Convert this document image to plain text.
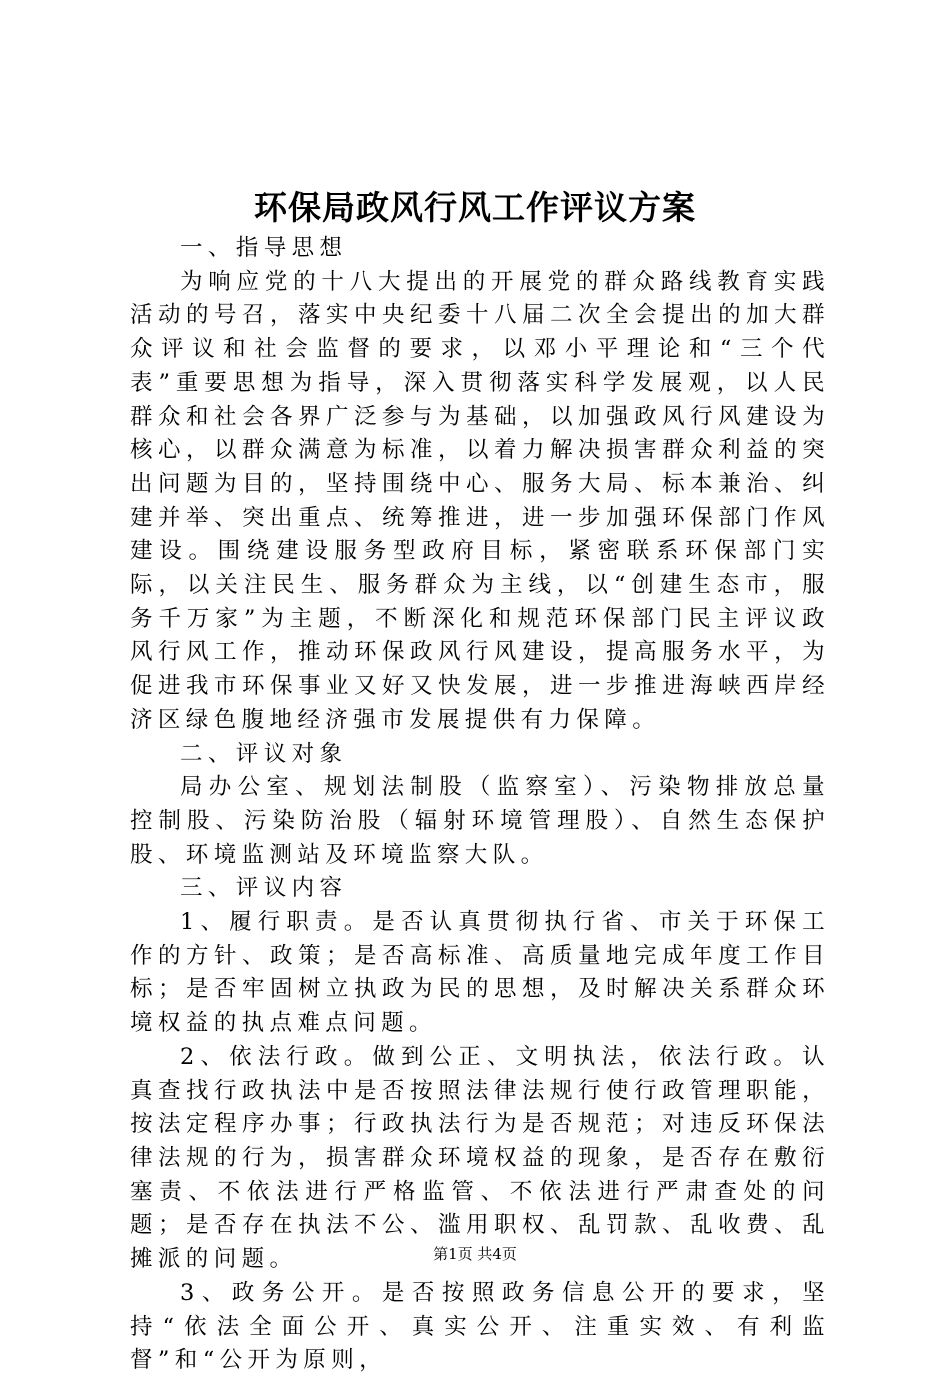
环保局政风行风工作评议方案

一、指导思想

为响应党的十八大提出的开展党的群众路线教育实践活动的号召，落实中央纪委十八届二次全会提出的加大群众评议和社会监督的要求，以邓小平理论和“三个代表”重要思想为指导，深入贯彻落实科学发展观，以人民群众和社会各界广泛参与为基础，以加强政风行风建设为核心，以群众满意为标准，以着力解决损害群众利益的突出问题为目的，坚持围绕中心、服务大局、标本兼治、纠建并举、突出重点、统筹推进，进一步加强环保部门作风建设。围绕建设服务型政府目标，紧密联系环保部门实际，以关注民生、服务群众为主线，以“创建生态市，服务千万家”为主题，不断深化和规范环保部门民主评议政风行风工作，推动环保政风行风建设，提高服务水平，为促进我市环保事业又好又快发展，进一步推进海峡西岸经济区绿色腹地经济强市发展提供有力保障。

二、评议对象

局办公室、规划法制股（监察室）、污染物排放总量控制股、污染防治股（辐射环境管理股）、自然生态保护股、环境监测站及环境监察大队。

三、评议内容

1、履行职责。是否认真贯彻执行省、市关于环保工作的方针、政策；是否高标准、高质量地完成年度工作目标；是否牢固树立执政为民的思想，及时解决关系群众环境权益的执点难点问题。

2、依法行政。做到公正、文明执法，依法行政。认真查找行政执法中是否按照法律法规行使行政管理职能，按法定程序办事；行政执法行为是否规范；对违反环保法律法规的行为，损害群众环境权益的现象，是否存在敷衍塞责、不依法进行严格监管、不依法进行严肃查处的问题；是否存在执法不公、滥用职权、乱罚款、乱收费、乱摊派的问题。

3、政务公开。是否按照政务信息公开的要求，坚持“依法全面公开、真实公开、注重实效、有利监督”和“公开为原则，

第1页 共4页
